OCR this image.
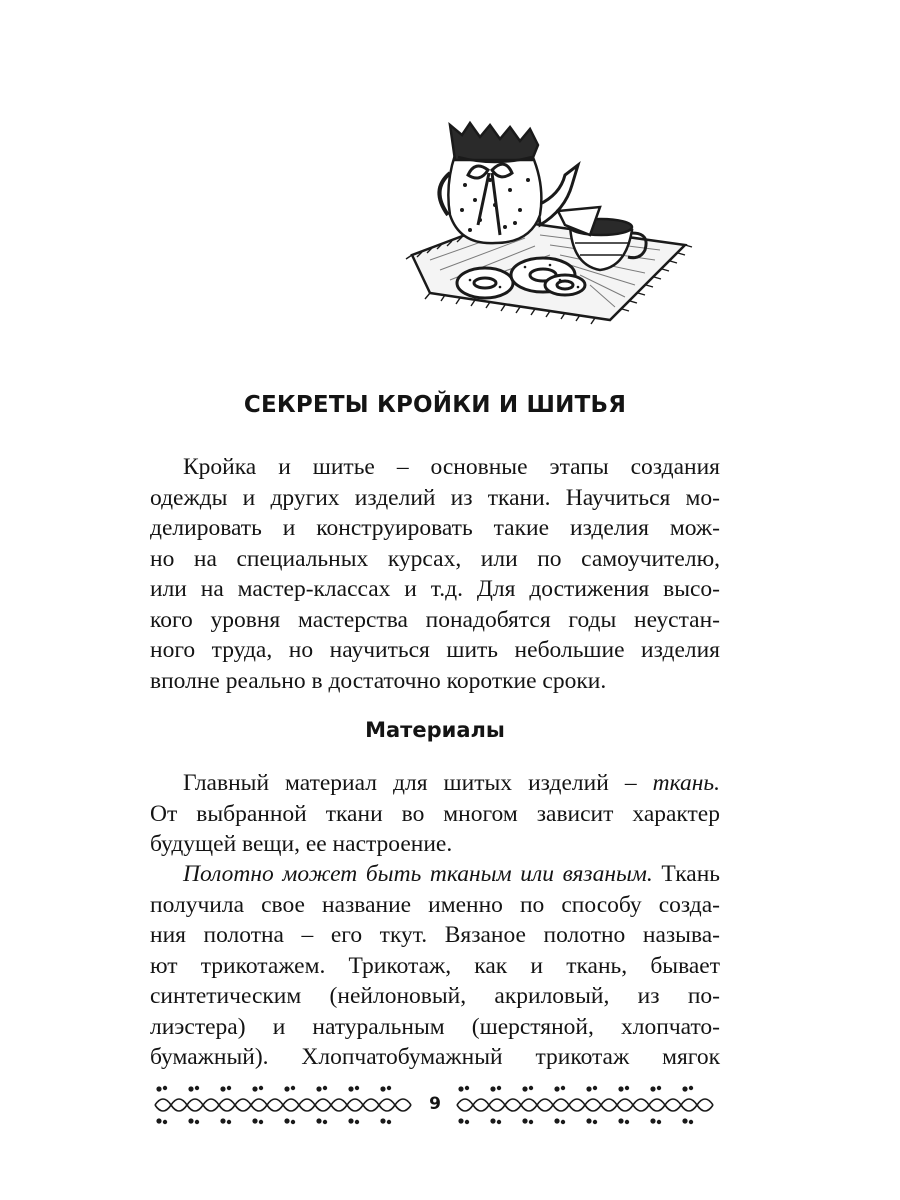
СЕКРЕТЫ КРОЙКИ И ШИТЬЯ
Кройка и шитье – основные этапы создания
одежды и других изделий из ткани. Научиться мо-
делировать и конструировать такие изделия мож-
но на специальных курсах, или по самоучителю,
или на мастер-классах и т.д. Для достижения высо-
кого уровня мастерства понадобятся годы неустан-
ного труда, но научиться шить небольшие изделия
вполне реально в достаточно короткие сроки.
Материалы
Главный материал для шитых изделий – ткань.
От выбранной ткани во многом зависит характер
будущей вещи, ее настроение.
Полотно может быть тканым или вязаным. Ткань
получила свое название именно по способу созда-
ния полотна – его ткут. Вязаное полотно называ-
ют трикотажем. Трикотаж, как и ткань, бывает
синтетическим (нейлоновый, акриловый, из по-
лиэстера) и натуральным (шерстяной, хлопчато-
бумажный). Хлопчатобумажный трикотаж мягок
9
